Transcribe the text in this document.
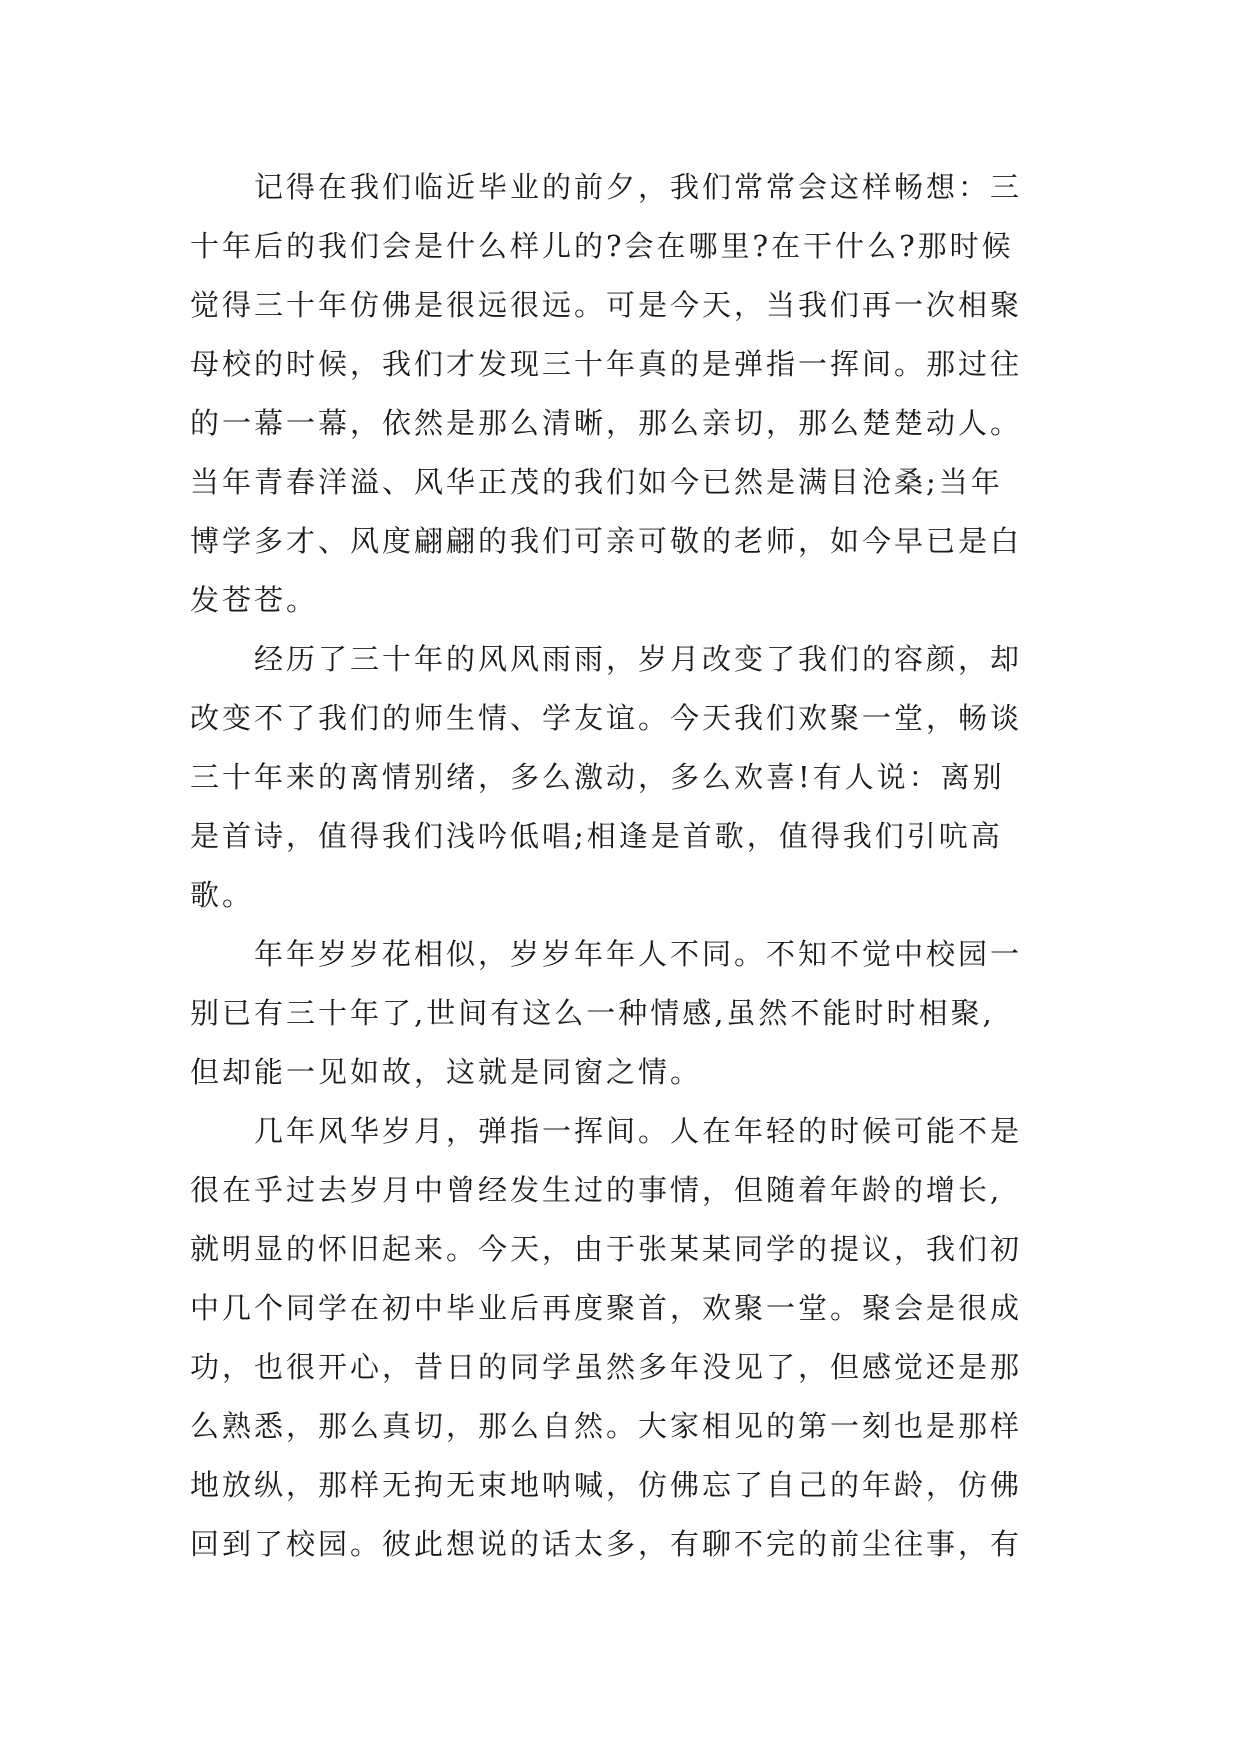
　　记得在我们临近毕业的前夕，我们常常会这样畅想：三
十年后的我们会是什么样儿的?会在哪里?在干什么?那时候
觉得三十年仿佛是很远很远。可是今天，当我们再一次相聚
母校的时候，我们才发现三十年真的是弹指一挥间。那过往
的一幕一幕，依然是那么清晰，那么亲切，那么楚楚动人。
当年青春洋溢、风华正茂的我们如今已然是满目沧桑;当年
博学多才、风度翩翩的我们可亲可敬的老师，如今早已是白
发苍苍。
　　经历了三十年的风风雨雨，岁月改变了我们的容颜，却
改变不了我们的师生情、学友谊。今天我们欢聚一堂，畅谈
三十年来的离情别绪，多么激动，多么欢喜!有人说：离别
是首诗，值得我们浅吟低唱;相逢是首歌，值得我们引吭高
歌。
　　年年岁岁花相似，岁岁年年人不同。不知不觉中校园一
别已有三十年了,世间有这么一种情感,虽然不能时时相聚,
但却能一见如故，这就是同窗之情。
　　几年风华岁月，弹指一挥间。人在年轻的时候可能不是
很在乎过去岁月中曾经发生过的事情，但随着年龄的增长,
就明显的怀旧起来。今天，由于张某某同学的提议，我们初
中几个同学在初中毕业后再度聚首，欢聚一堂。聚会是很成
功，也很开心，昔日的同学虽然多年没见了，但感觉还是那
么熟悉，那么真切，那么自然。大家相见的第一刻也是那样
地放纵，那样无拘无束地呐喊，仿佛忘了自己的年龄，仿佛
回到了校园。彼此想说的话太多，有聊不完的前尘往事，有
